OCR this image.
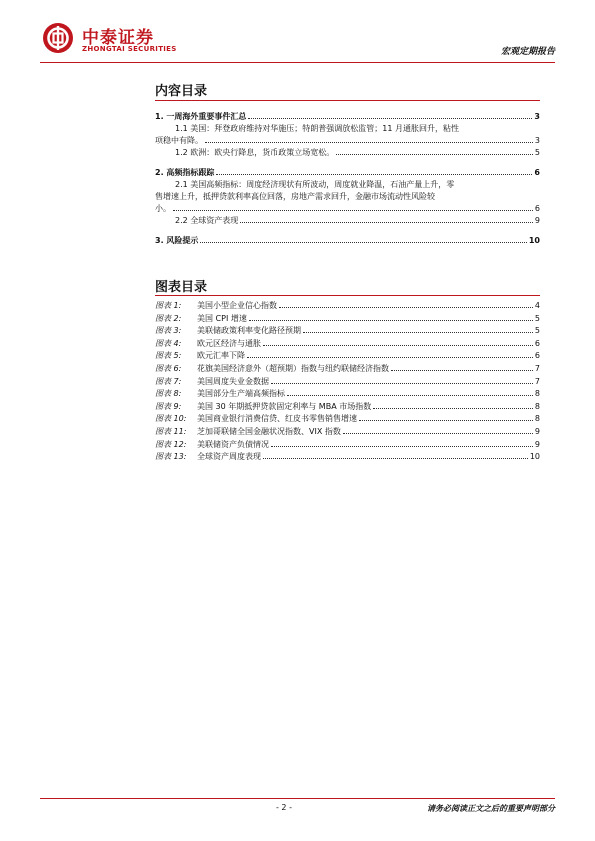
中泰证券
ZHONGTAI SECURITIES	宏观定期报告
内容目录
1. 一周海外重要事件汇总	3
1.1 美国：拜登政府维持对华施压；特朗普强调放松监管；11 月通胀回升，粘性
项稳中有降。	3
1.2 欧洲：欧央行降息，货币政策立场宽松。	5
2. 高频指标跟踪	6
2.1 美国高频指标：周度经济现状有所波动，周度就业降温，石油产量上升，零
售增速上升，抵押贷款利率高位回落，房地产需求回升，金融市场流动性风险较
小。	6
2.2 全球资产表现	9
3. 风险提示	10
图表目录
图表 1:	美国小型企业信心指数	4
图表 2:	美国 CPI 增速	5
图表 3:	美联储政策利率变化路径预期	5
图表 4:	欧元区经济与通胀	6
图表 5:	欧元汇率下降	6
图表 6:	花旗美国经济意外（超预期）指数与纽约联储经济指数	7
图表 7:	美国周度失业金数据	7
图表 8:	美国部分生产端高频指标	8
图表 9:	美国 30 年期抵押贷款固定利率与 MBA 市场指数	8
图表 10:	美国商业银行消费信贷、红皮书零售销售增速	8
图表 11:	芝加哥联储全国金融状况指数、VIX 指数	9
图表 12:	美联储资产负债情况	9
图表 13:	全球资产周度表现	10
- 2 -	请务必阅读正文之后的重要声明部分
